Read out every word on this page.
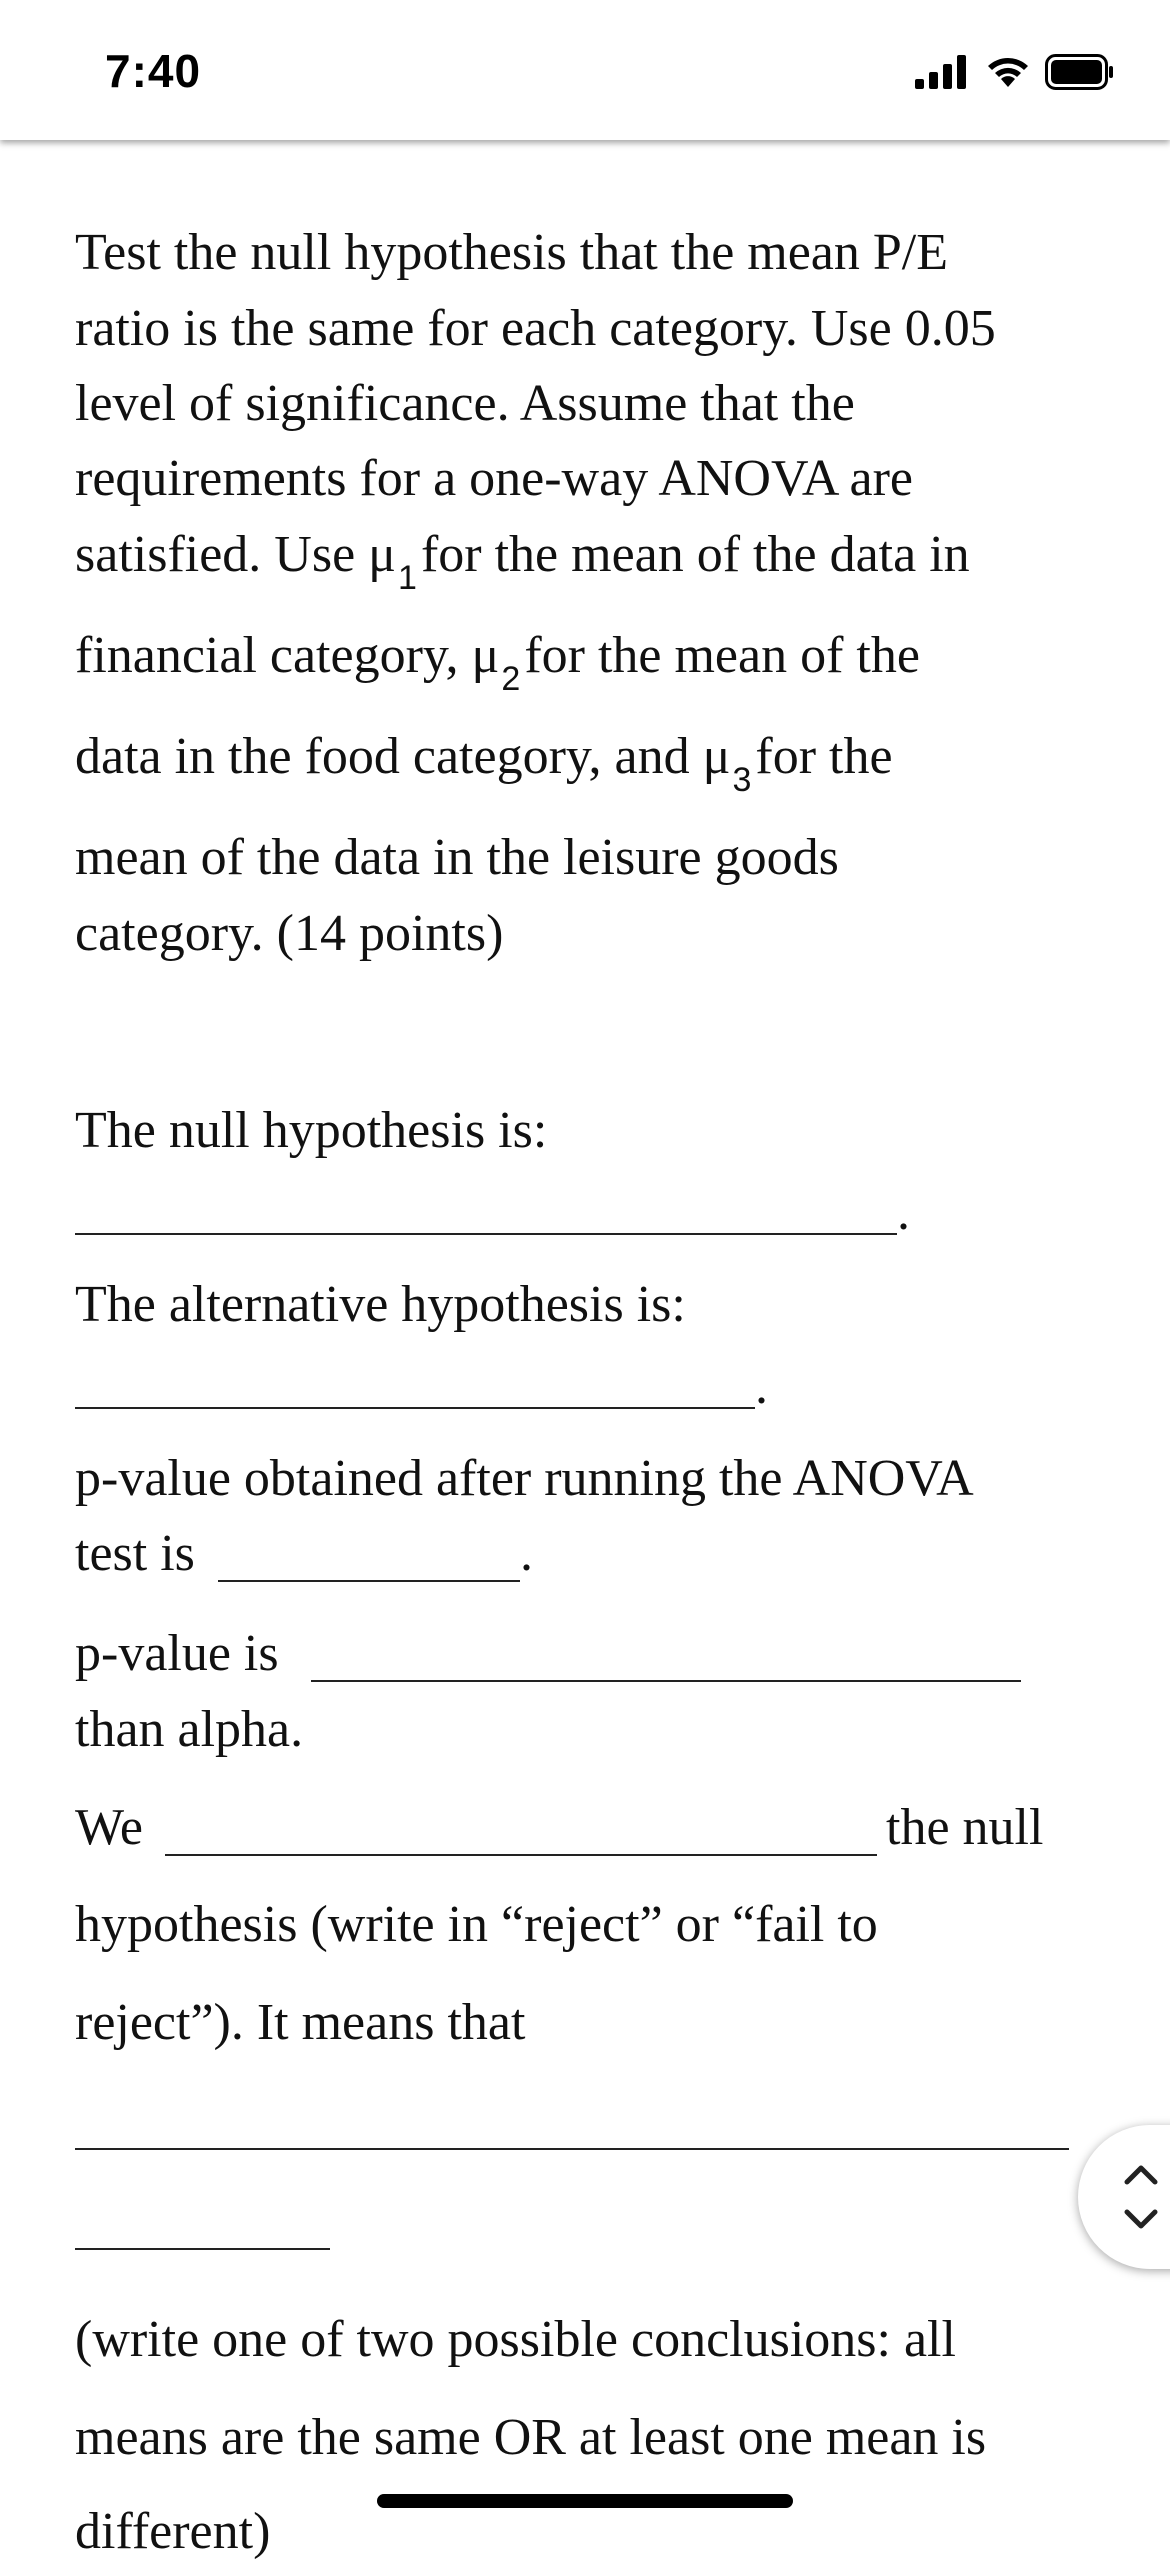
7:40
Test the null hypothesis that the mean P/E
ratio is the same for each category. Use 0.05
level of significance. Assume that the
requirements for a one-way ANOVA are
satisfied. Use $\mu_1for$ the mean of the data in
financial category, $\mu_2for$ the mean of the
data in the food category, and $\mu_3for$ the
mean of the data in the leisure goods
category. (14 points)
The null hypothesis is:
.
The alternative hypothesis is:
.
p-value obtained after running the ANOVA
test is	.
p-value is
than alpha.
We	the null
hypothesis (write in “reject” or “fail to
reject”). It means that
(write one of two possible conclusions: all
means are the same OR at least one mean is
different)
